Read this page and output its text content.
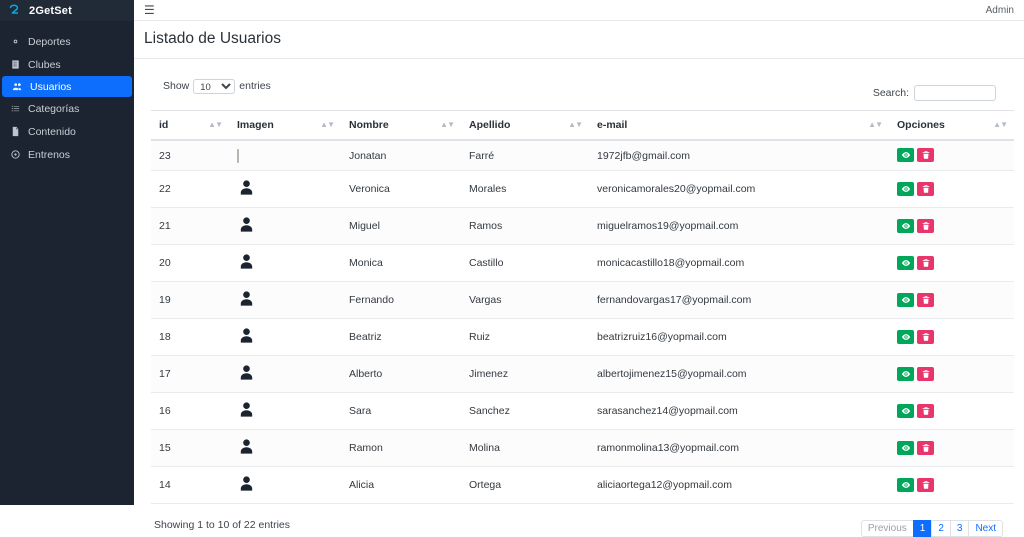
2GetSet
Deportes
Clubes
Usuarios
Categorías
Contenido
Entrenos
☰	Admin
Listado de Usuarios
Show
10	entries
Search:
id ▲▼	Imagen ▲▼	Nombre ▲▼	Apellido ▲▼	e-mail ▲▼	Opciones ▲▼

23		Jonatan	Farré	1972jfb@gmail.com	

22		Veronica	Morales	veronicamorales20@yopmail.com	

21		Miguel	Ramos	miguelramos19@yopmail.com	

20		Monica	Castillo	monicacastillo18@yopmail.com	

19		Fernando	Vargas	fernandovargas17@yopmail.com	

18		Beatriz	Ruiz	beatrizruiz16@yopmail.com	

17		Alberto	Jimenez	albertojimenez15@yopmail.com	

16		Sara	Sanchez	sarasanchez14@yopmail.com	

15		Ramon	Molina	ramonmolina13@yopmail.com	

14		Alicia	Ortega	aliciaortega12@yopmail.com	
Showing 1 to 10 of 22 entries	Previous	1	2	3	Next
